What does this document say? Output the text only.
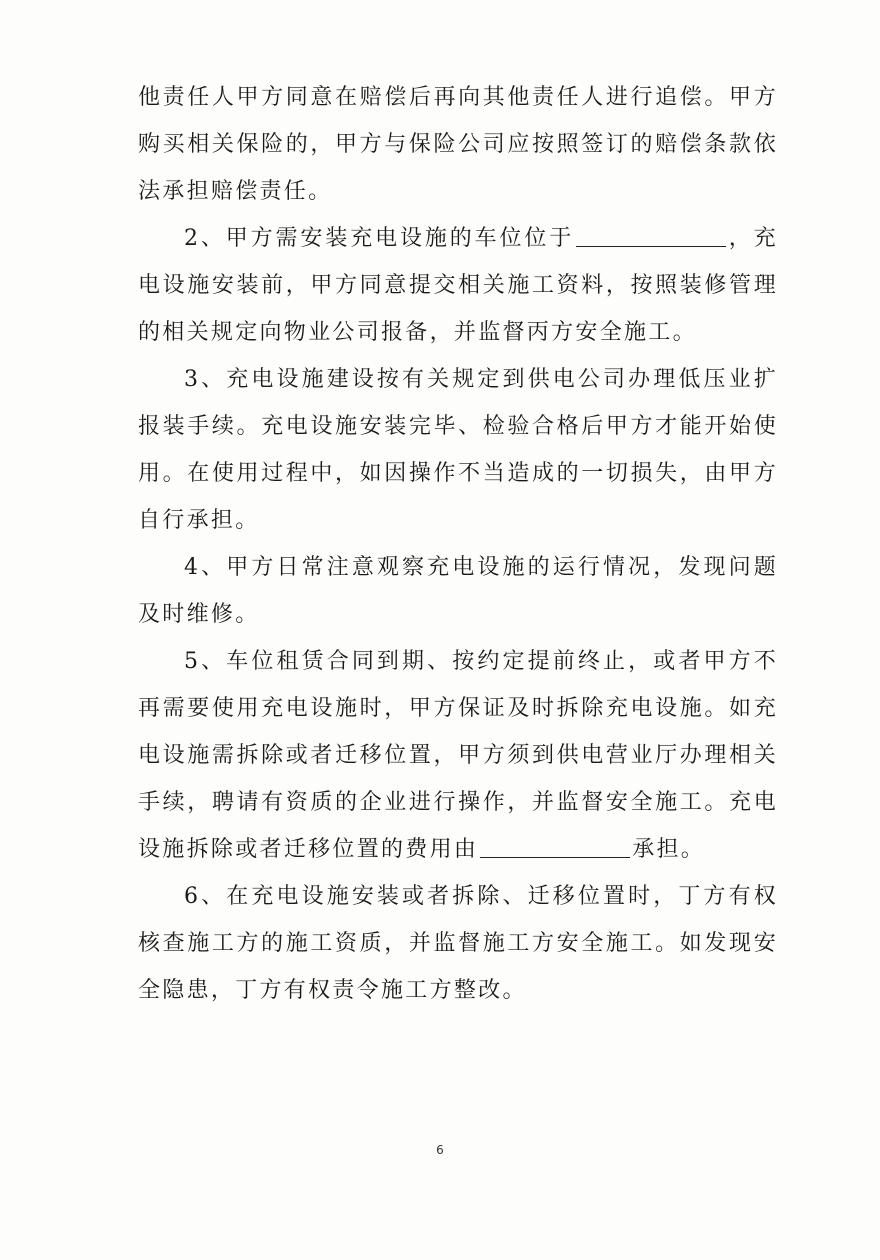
他责任人甲方同意在赔偿后再向其他责任人进行追偿。甲方购买相关保险的，甲方与保险公司应按照签订的赔偿条款依法承担赔偿责任。

2、甲方需安装充电设施的车位位于	，充电设施安装前，甲方同意提交相关施工资料，按照装修管理的相关规定向物业公司报备，并监督丙方安全施工。

3、充电设施建设按有关规定到供电公司办理低压业扩报装手续。充电设施安装完毕、检验合格后甲方才能开始使用。在使用过程中，如因操作不当造成的一切损失，由甲方自行承担。

4、甲方日常注意观察充电设施的运行情况，发现问题及时维修。

5、车位租赁合同到期、按约定提前终止，或者甲方不再需要使用充电设施时，甲方保证及时拆除充电设施。如充电设施需拆除或者迁移位置，甲方须到供电营业厅办理相关手续，聘请有资质的企业进行操作，并监督安全施工。充电设施拆除或者迁移位置的费用由	承担。

6、在充电设施安装或者拆除、迁移位置时，丁方有权核查施工方的施工资质，并监督施工方安全施工。如发现安全隐患，丁方有权责令施工方整改。

6
